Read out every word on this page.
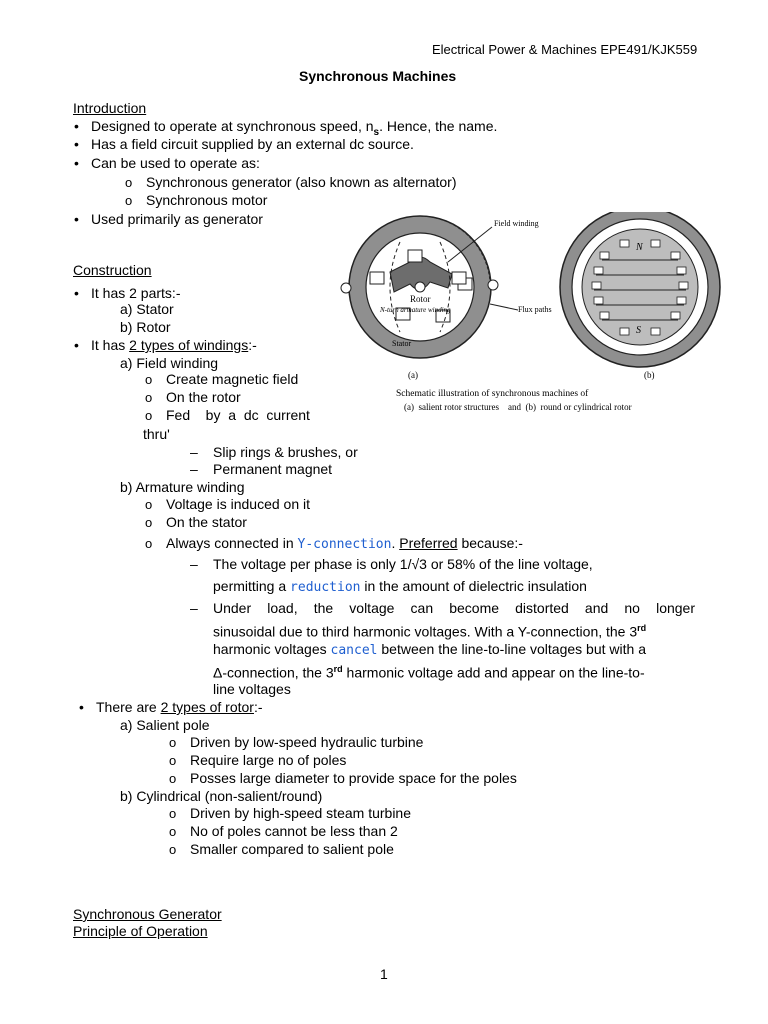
Electrical Power & Machines EPE491/KJK559
Synchronous Machines
Introduction
• Designed to operate at synchronous speed, $n_s$. Hence, the name.
• Has a field circuit supplied by an external dc source.
• Can be used to operate as:
o Synchronous generator (also known as alternator)
o Synchronous motor
• Used primarily as generator
Construction
• It has 2 parts:-
a) Stator
b) Rotor
• It has 2 types of windings:-
a) Field winding
o Create magnetic field
o On the rotor
o Fed    by  a  dc  current
thru'
– Slip rings & brushes, or
– Permanent magnet
b) Armature winding
o Voltage is induced on it
o On the stator
o Always connected in Y-connection. Preferred because:-
– The voltage per phase is only 1/√3 or 58% of the line voltage,
permitting a reduction in the amount of dielectric insulation
– Under load, the voltage can become distorted and no longer
sinusoidal due to third harmonic voltages. With a Y-connection, the 3rd
harmonic voltages cancel between the line-to-line voltages but with a
Δ-connection, the 3rd harmonic voltage add and appear on the line-to-
line voltages
• There are 2 types of rotor:-
a) Salient pole
o Driven by low-speed hydraulic turbine
o Require large no of poles
o Posses large diameter to provide space for the poles
b) Cylindrical (non-salient/round)
o Driven by high-speed steam turbine
o No of poles cannot be less than 2
o Smaller compared to salient pole
Synchronous Generator
Principle of Operation
1
Rotor
N-turn armature winding
Stator
Field winding
Flux paths
N
S
(a)	(b)
Schematic illustration of synchronous machines of
(a)  salient rotor structures    and  (b)  round or cylindrical rotor
